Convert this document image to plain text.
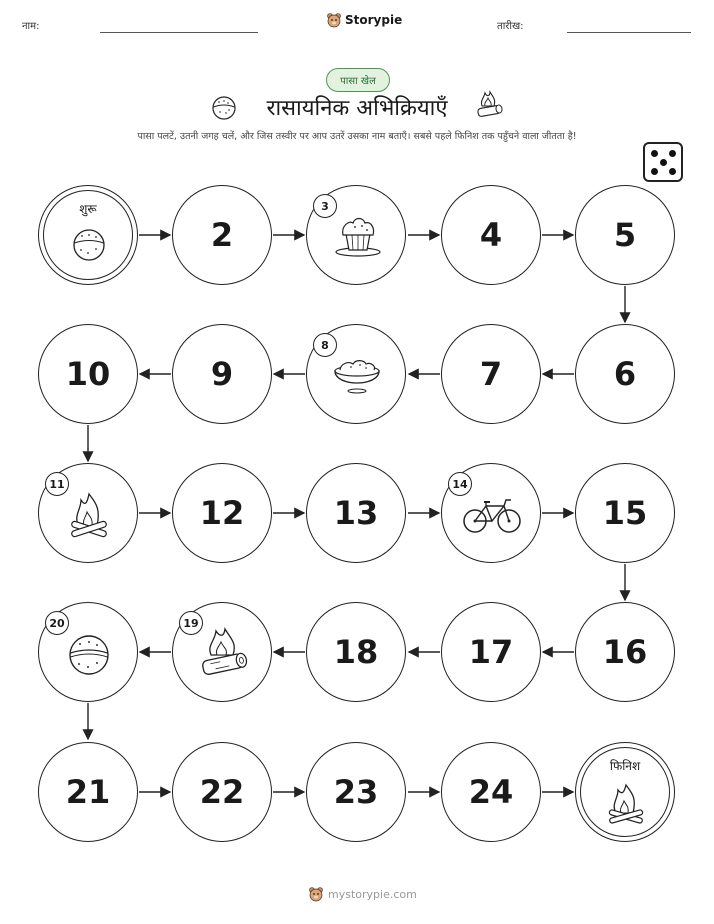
नाम:	Storypie	तारीख:
पासा खेल
रासायनिक अभिक्रियाएँ
पासा पलटें, उतनी जगह चलें, और जिस तस्वीर पर आप उतरें उसका नाम बताएँ। सबसे पहले फिनिश तक पहुँचने वाला जीतता है!
शुरू
2
3
4	5
6
7
8
9
10
11
12	13
14
15
16
17
18
19
20
21	22	23	24
फिनिश
mystorypie.com
